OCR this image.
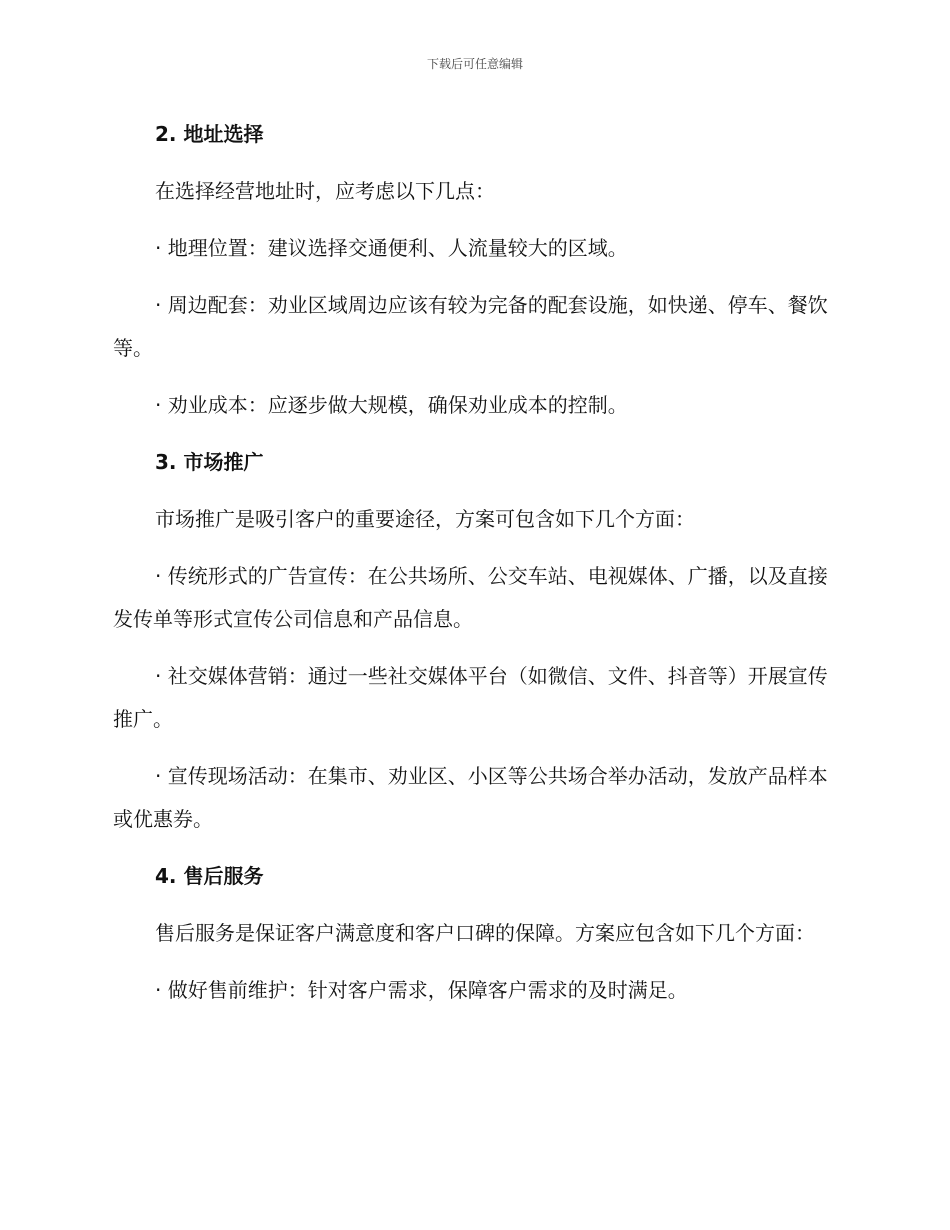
下载后可任意编辑

2. 地址选择

在选择经营地址时，应考虑以下几点：

· 地理位置：建议选择交通便利、人流量较大的区域。

· 周边配套：劝业区域周边应该有较为完备的配套设施，如快递、停车、餐饮等。

· 劝业成本：应逐步做大规模，确保劝业成本的控制。

3. 市场推广

市场推广是吸引客户的重要途径，方案可包含如下几个方面：

· 传统形式的广告宣传：在公共场所、公交车站、电视媒体、广播，以及直接发传单等形式宣传公司信息和产品信息。

· 社交媒体营销：通过一些社交媒体平台（如微信、文件、抖音等）开展宣传推广。

· 宣传现场活动：在集市、劝业区、小区等公共场合举办活动，发放产品样本或优惠券。

4. 售后服务

售后服务是保证客户满意度和客户口碑的保障。方案应包含如下几个方面：

· 做好售前维护：针对客户需求，保障客户需求的及时满足。
